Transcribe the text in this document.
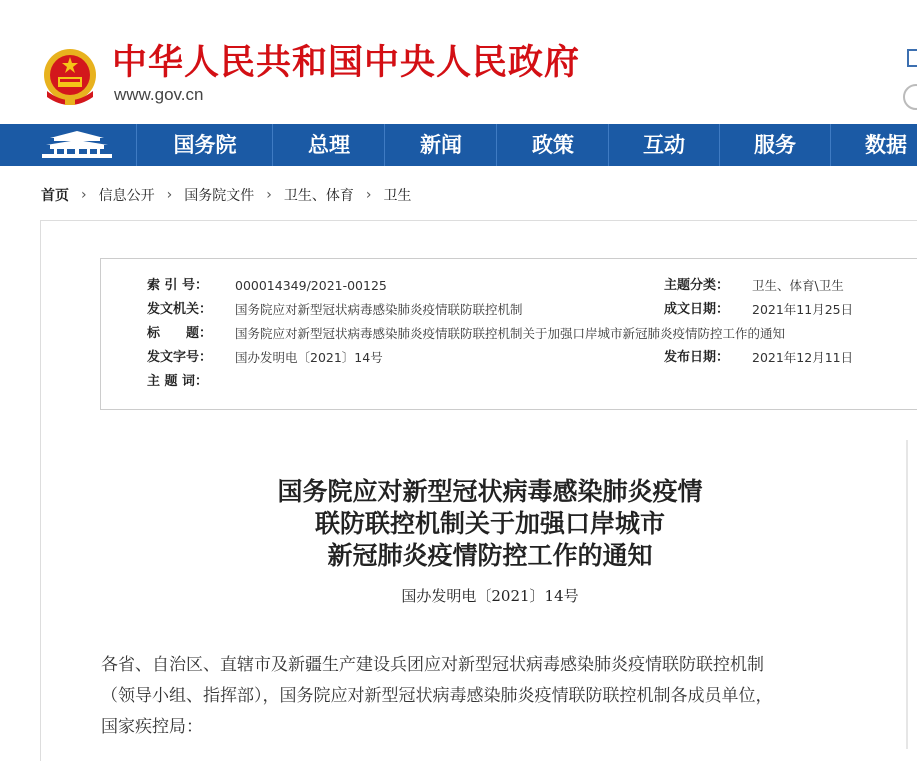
中华人民共和国中央人民政府
www.gov.cn
国务院	总理	新闻	政策	互动	服务	数据
首页 › 信息公开 › 国务院文件 › 卫生、体育 › 卫生
索 引 号： 000014349/2021-00125	主题分类： 卫生、体育\卫生
发文机关： 国务院应对新型冠状病毒感染肺炎疫情联防联控机制	成文日期： 2021年11月25日
标　　题： 国务院应对新型冠状病毒感染肺炎疫情联防联控机制关于加强口岸城市新冠肺炎疫情防控工作的通知
发文字号： 国办发明电〔2021〕14号	发布日期： 2021年12月11日
主 题 词：
国务院应对新型冠状病毒感染肺炎疫情
联防联控机制关于加强口岸城市
新冠肺炎疫情防控工作的通知
国办发明电〔2021〕14号

各省、自治区、直辖市及新疆生产建设兵团应对新型冠状病毒感染肺炎疫情联防联控机制

（领导小组、指挥部），国务院应对新型冠状病毒感染肺炎疫情联防联控机制各成员单位，

国家疾控局：
